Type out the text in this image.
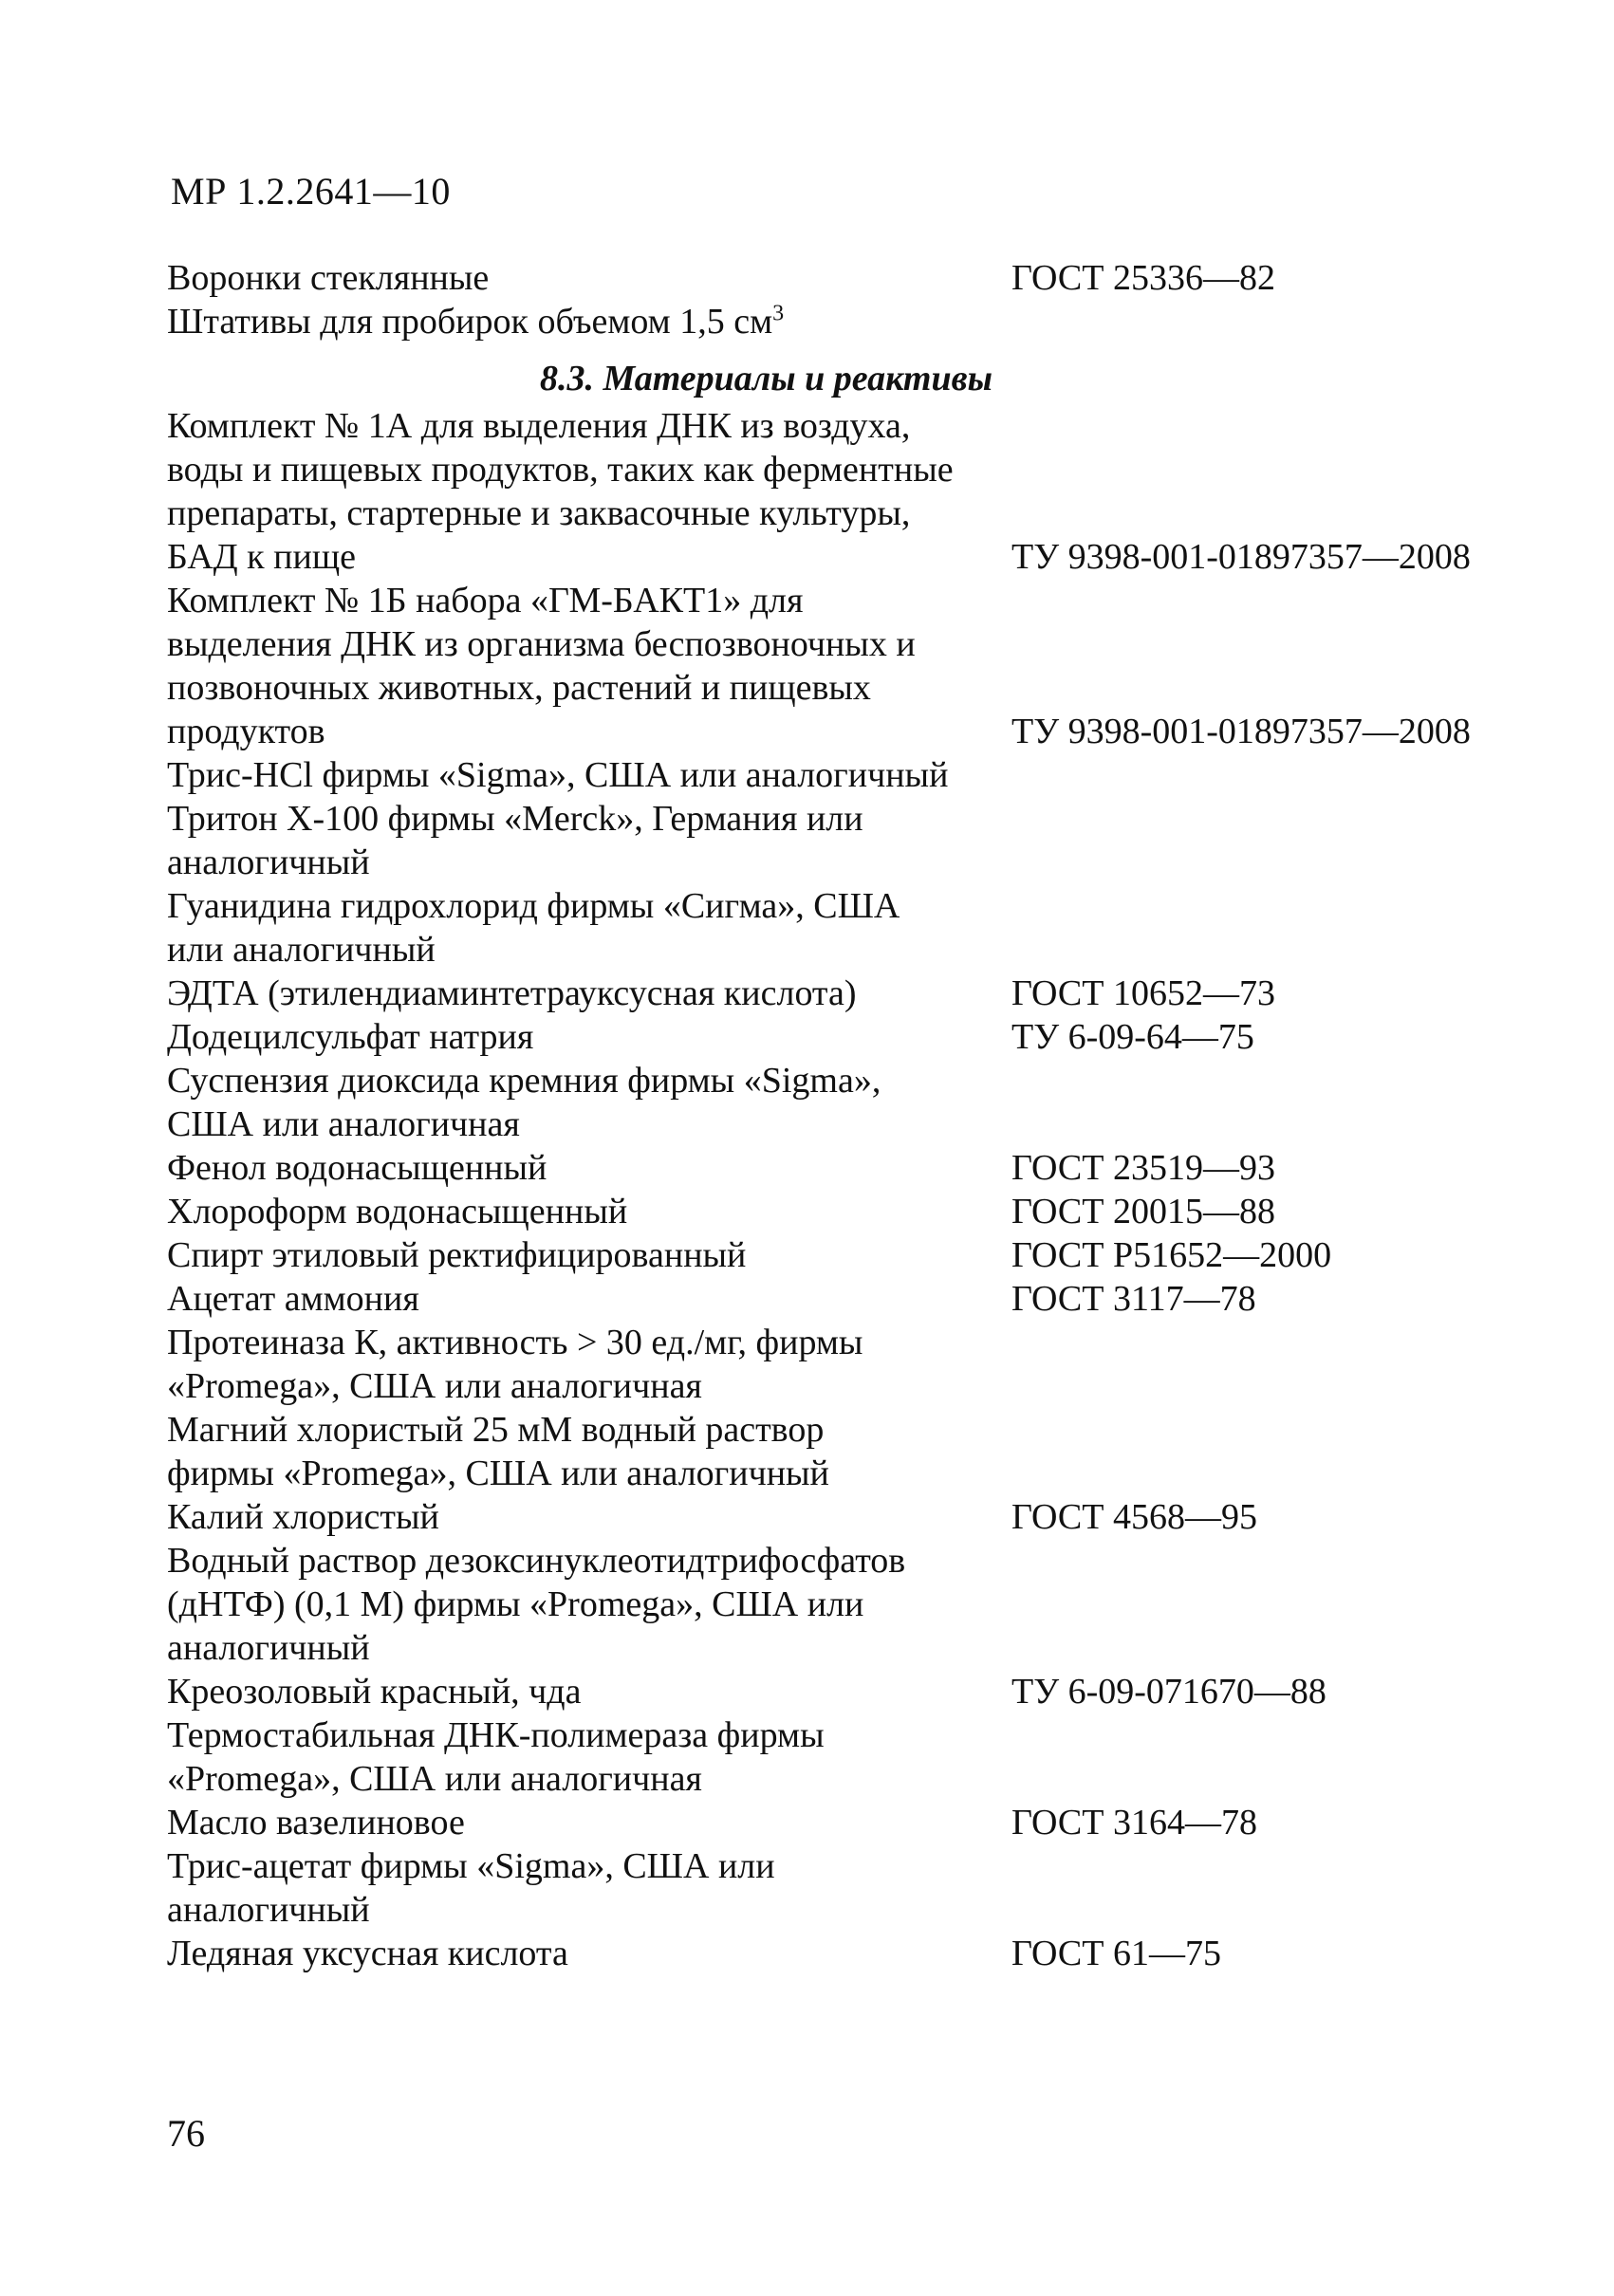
МР 1.2.2641—10
Воронки стеклянные	ГОСТ 25336—82
Штативы для пробирок объемом 1,5 $см^3$
8.3. Материалы и реактивы
Комплект № 1А для выделения ДНК из воздуха,
воды и пищевых продуктов, таких как ферментные
препараты, стартерные и заквасочные культуры,
БАД к пище	ТУ 9398-001-01897357—2008
Комплект № 1Б набора «ГМ-БАКТ1» для
выделения ДНК из организма беспозвоночных и
позвоночных животных, растений и пищевых
продуктов	ТУ 9398-001-01897357—2008
Трис-HCl фирмы «Sigma», США или аналогичный
Тритон Х-100 фирмы «Merck», Германия или
аналогичный
Гуанидина гидрохлорид фирмы «Сигма», США
или аналогичный
ЭДТА (этилендиаминтетрауксусная кислота)	ГОСТ 10652—73
Додецилсульфат натрия	ТУ 6-09-64—75
Суспензия диоксида кремния фирмы «Sigma»,
США или аналогичная
Фенол водонасыщенный	ГОСТ 23519—93
Хлороформ водонасыщенный	ГОСТ 20015—88
Спирт этиловый ректифицированный	ГОСТ Р51652—2000
Ацетат аммония	ГОСТ 3117—78
Протеиназа К, активность > 30 ед./мг, фирмы
«Promega», США или аналогичная
Магний хлористый 25 мМ водный раствор
фирмы «Promega», США или аналогичный
Калий хлористый	ГОСТ 4568—95
Водный раствор дезоксинуклеотидтрифосфатов
(дНТФ) (0,1 М) фирмы «Promega», США или
аналогичный
Креозоловый красный, чда	ТУ 6-09-071670—88
Термостабильная ДНК-полимераза фирмы
«Promega», США или аналогичная
Масло вазелиновое	ГОСТ 3164—78
Трис-ацетат фирмы «Sigma», США или
аналогичный
Ледяная уксусная кислота	ГОСТ 61—75
76
